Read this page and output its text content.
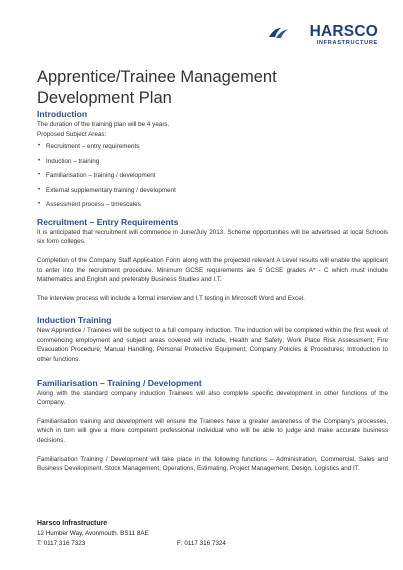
HARSCO
INFRASTRUCTURE
Apprentice/Trainee Management
Development Plan
Introduction

The duration of the training plan will be 4 years.

Proposed Subject Areas:

• Recruitment – entry requirements
• Induction – training
• Familiarisation – training / development
• External supplementary training / development
• Assessment process – timescales
Recruitment – Entry Requirements

It is anticipated that recruitment will commence in June/July 2013. Scheme opportunities will be advertised at local Schools six form colleges.

Completion of the Company Staff Application Form along with the projected relevant A Level results will enable the applicant to enter into the recruitment procedure. Minimum GCSE requirements are 5 GCSE grades A* - C which must include Mathematics and English and preferably Business Studies and I.T.

The interview process will include a formal interview and I.T testing in Mircosoft Word and Excel.

Induction Training

New Apprentice / Trainees will be subject to a full company induction. The induction will be completed within the first week of commencing employment and subject areas covered will include, Health and Safety; Work Place Risk Assessment; Fire Evacuation Procedure; Manual Handling; Personal Protective Equipment; Company Policies & Procedures; Introduction to other functions.

Familiarisation – Training / Development

Along with the standard company induction Trainees will also complete specific development in other functions of the Company.

Familiarisation training and development will ensure the Trainees have a greater awareness of the Company's processes, which in turn will give a more competent professional individual who will be able to judge and make accurate business decisions.

Familiarisation Training / Development will take place in the following functions – Administration, Commercial, Sales and Business Development, Stock Management, Operations, Estimating, Project Management, Design, Logistics and IT.

Harsco Infrastructure
12 Humber Way, Avonmouth. BS11 8AE
T: 0117 316 7323	F: 0117 316 7324
